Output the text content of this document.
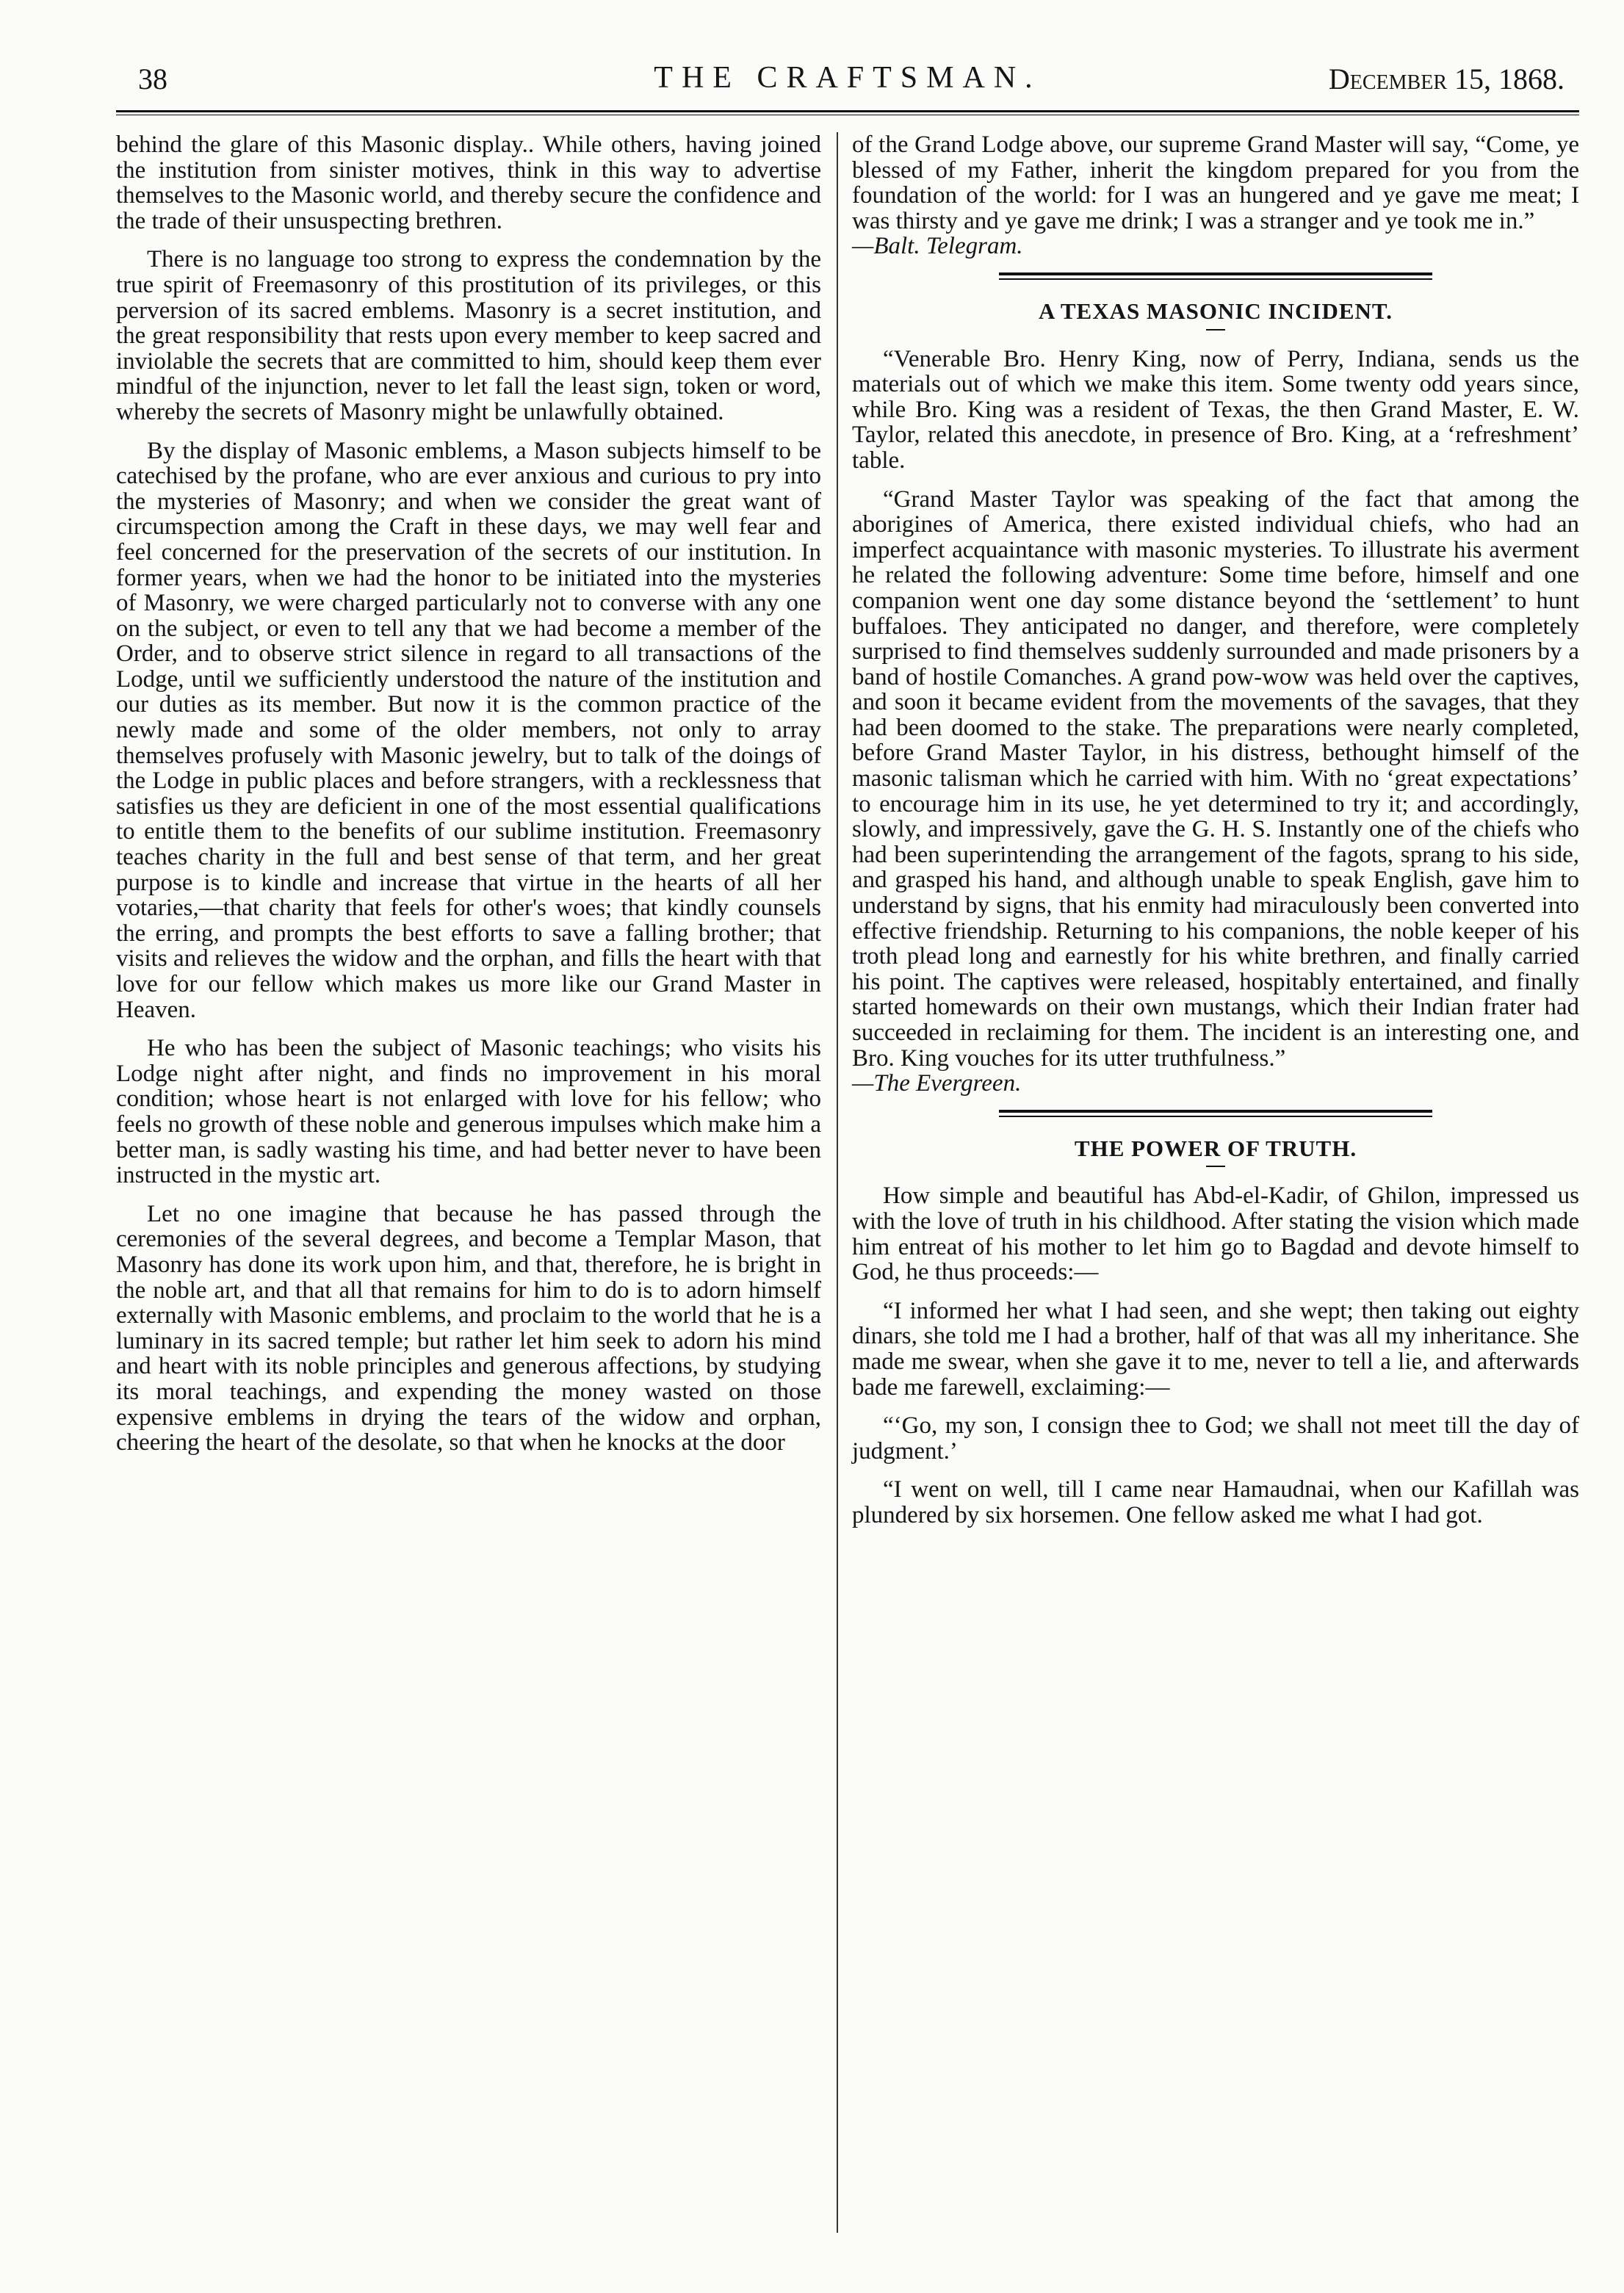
38	THE CRAFTSMAN.	December 15, 1868.

behind the glare of this Masonic display.. While others, having joined the institution from sinister motives, think in this way to advertise themselves to the Masonic world, and thereby secure the confidence and the trade of their unsuspecting brethren.

There is no language too strong to express the condemnation by the true spirit of Freemasonry of this prostitution of its privileges, or this perversion of its sacred emblems. Masonry is a secret institution, and the great responsibility that rests upon every member to keep sacred and inviolable the secrets that are committed to him, should keep them ever mindful of the injunction, never to let fall the least sign, token or word, whereby the secrets of Masonry might be unlawfully obtained.

By the display of Masonic emblems, a Mason subjects himself to be catechised by the profane, who are ever anxious and curious to pry into the mysteries of Masonry; and when we consider the great want of circumspection among the Craft in these days, we may well fear and feel concerned for the preservation of the secrets of our institution. In former years, when we had the honor to be initiated into the mysteries of Masonry, we were charged particularly not to converse with any one on the subject, or even to tell any that we had become a member of the Order, and to observe strict silence in regard to all transactions of the Lodge, until we sufficiently understood the nature of the institution and our duties as its member. But now it is the common practice of the newly made and some of the older members, not only to array themselves profusely with Masonic jewelry, but to talk of the doings of the Lodge in public places and before strangers, with a recklessness that satisfies us they are deficient in one of the most essential qualifications to entitle them to the benefits of our sublime institution. Freemasonry teaches charity in the full and best sense of that term, and her great purpose is to kindle and increase that virtue in the hearts of all her votaries,—that charity that feels for other's woes; that kindly counsels the erring, and prompts the best efforts to save a falling brother; that visits and relieves the widow and the orphan, and fills the heart with that love for our fellow which makes us more like our Grand Master in Heaven.

He who has been the subject of Masonic teachings; who visits his Lodge night after night, and finds no improvement in his moral condition; whose heart is not enlarged with love for his fellow; who feels no growth of these noble and generous impulses which make him a better man, is sadly wasting his time, and had better never to have been instructed in the mystic art.

Let no one imagine that because he has passed through the ceremonies of the several degrees, and become a Templar Mason, that Masonry has done its work upon him, and that, therefore, he is bright in the noble art, and that all that remains for him to do is to adorn himself externally with Masonic emblems, and proclaim to the world that he is a luminary in its sacred temple; but rather let him seek to adorn his mind and heart with its noble principles and generous affections, by studying its moral teachings, and expending the money wasted on those expensive emblems in drying the tears of the widow and orphan, cheering the heart of the desolate, so that when he knocks at the door

of the Grand Lodge above, our supreme Grand Master will say, “Come, ye blessed of my Father, inherit the kingdom prepared for you from the foundation of the world: for I was an hungered and ye gave me meat; I was thirsty and ye gave me drink; I was a stranger and ye took me in.”

—Balt. Telegram.

A TEXAS MASONIC INCIDENT.

“Venerable Bro. Henry King, now of Perry, Indiana, sends us the materials out of which we make this item. Some twenty odd years since, while Bro. King was a resident of Texas, the then Grand Master, E. W. Taylor, related this anecdote, in presence of Bro. King, at a ‘refreshment’ table.

“Grand Master Taylor was speaking of the fact that among the aborigines of America, there existed individual chiefs, who had an imperfect acquaintance with masonic mysteries. To illustrate his averment he related the following adventure: Some time before, himself and one companion went one day some distance beyond the ‘settlement’ to hunt buffaloes. They anticipated no danger, and therefore, were completely surprised to find themselves suddenly surrounded and made prisoners by a band of hostile Comanches. A grand pow-wow was held over the captives, and soon it became evident from the movements of the savages, that they had been doomed to the stake. The preparations were nearly completed, before Grand Master Taylor, in his distress, bethought himself of the masonic talisman which he carried with him. With no ‘great expectations’ to encourage him in its use, he yet determined to try it; and accordingly, slowly, and impressively, gave the G. H. S. Instantly one of the chiefs who had been superintending the arrangement of the fagots, sprang to his side, and grasped his hand, and although unable to speak English, gave him to understand by signs, that his enmity had miraculously been converted into effective friendship. Returning to his companions, the noble keeper of his troth plead long and earnestly for his white brethren, and finally carried his point. The captives were released, hospitably entertained, and finally started homewards on their own mustangs, which their Indian frater had succeeded in reclaiming for them. The incident is an interesting one, and Bro. King vouches for its utter truthfulness.”

—The Evergreen.

THE POWER OF TRUTH.

How simple and beautiful has Abd-el-Kadir, of Ghilon, impressed us with the love of truth in his childhood. After stating the vision which made him entreat of his mother to let him go to Bagdad and devote himself to God, he thus proceeds:—

“I informed her what I had seen, and she wept; then taking out eighty dinars, she told me I had a brother, half of that was all my inheritance. She made me swear, when she gave it to me, never to tell a lie, and afterwards bade me farewell, exclaiming:—

“‘Go, my son, I consign thee to God; we shall not meet till the day of judgment.’

“I went on well, till I came near Hamaudnai, when our Kafillah was plundered by six horsemen. One fellow asked me what I had got.
